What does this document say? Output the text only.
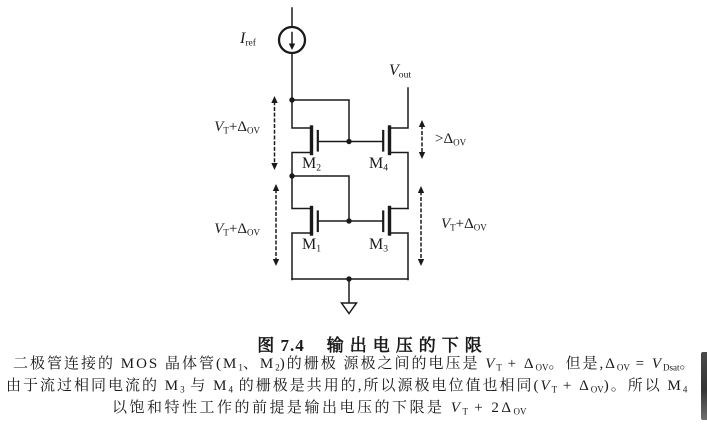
$I_{ref}$
$V_{out}$
$M_2$	$M_4$
$M_1$	$M_3$
$V_T+\Delta_{OV}$
$V_T+\Delta_{OV}$
$>\Delta_{OV}$
$V_T+\Delta_{OV}$
图 7.4 输出电压的下限
二极管连接的 MOS 晶体管($M_1$、$M_2$)的栅极 源极之间的电压是 $V_T + \Delta_{OV}$。但是$,\Delta_{OV} = V_{Dsat}$。
由于流过相同电流的 $M_3$ 与 $M_4$ 的栅极是共用的,所以源极电位值也相同$(V_T + \Delta_{OV})$。所以 $M_4$
以饱和特性工作的前提是输出电压的下限是 $V_T + 2\Delta_{OV}$
